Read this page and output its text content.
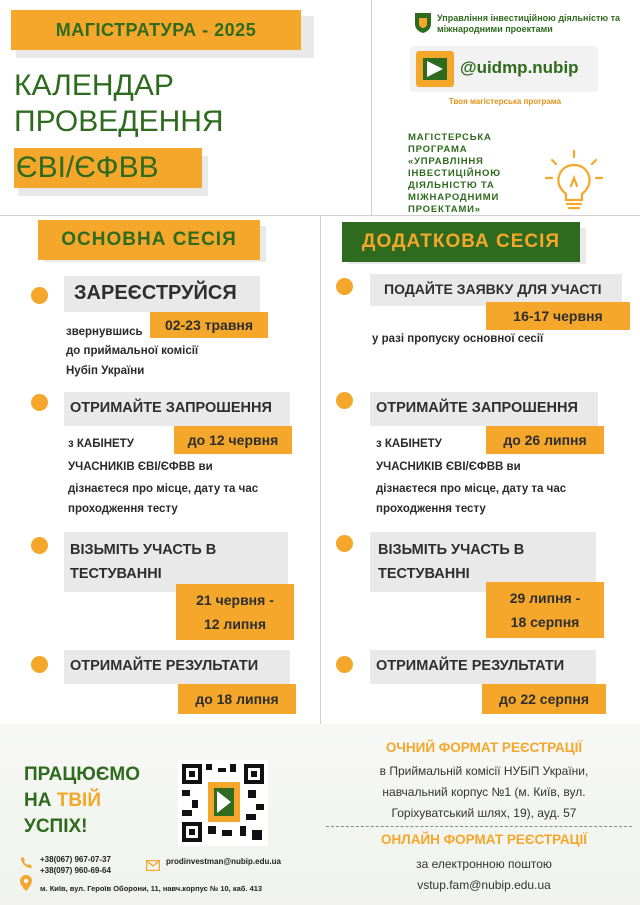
МАГІСТРАТУРА - 2025
КАЛЕНДАР
ПРОВЕДЕННЯ
ЄВІ/ЄФВВ
Управління інвестиційною діяльністю та міжнародними проектами
@uidmp.nubip
Твоя магістерська програма
МАГІСТЕРСЬКА ПРОГРАМА «УПРАВЛІННЯ ІНВЕСТИЦІЙНОЮ ДІЯЛЬНІСТЮ ТА МІЖНАРОДНИМИ ПРОЕКТАМИ»
ОСНОВНА СЕСІЯ
ЗАРЕЄСТРУЙСЯ
02-23 травня
звернувшись
до приймальної комісії
Нубіп України
ОТРИМАЙТЕ ЗАПРОШЕННЯ
до 12 червня
з КАБІНЕТУ
УЧАСНИКІВ ЄВІ/ЄФВВ ви
дізнаєтеся про місце, дату та час
проходження тесту
ВІЗЬМІТЬ УЧАСТЬ В
ТЕСТУВАННІ
21 червня -
12 липня
ОТРИМАЙТЕ РЕЗУЛЬТАТИ
до 18 липня
ДОДАТКОВА СЕСІЯ
ПОДАЙТЕ ЗАЯВКУ ДЛЯ УЧАСТІ
16-17 червня
у разі пропуску основної сесії
ОТРИМАЙТЕ ЗАПРОШЕННЯ
до 26 липня
з КАБІНЕТУ
УЧАСНИКІВ ЄВІ/ЄФВВ ви
дізнаєтеся про місце, дату та час
проходження тесту
ВІЗЬМІТЬ УЧАСТЬ В
ТЕСТУВАННІ
29 липня -
18 серпня
ОТРИМАЙТЕ РЕЗУЛЬТАТИ
до 22 серпня
ПРАЦЮЄМО
НА ТВІЙ
УСПІХ!
+38(067) 967-07-37
+38(097) 960-69-64
prodinvestman@nubip.edu.ua
м. Київ, вул. Героїв Оборони, 11, навч.корпус № 10, каб. 413
ОЧНИЙ ФОРМАТ РЕЄСТРАЦІЇ
в Приймальній комісії НУБіП України,
навчальний корпус №1 (м. Київ, вул.
Горіхуватський шлях, 19), ауд. 57
ОНЛАЙН ФОРМАТ РЕЄСТРАЦІЇ
за електронною поштою
vstup.fam@nubip.edu.ua
